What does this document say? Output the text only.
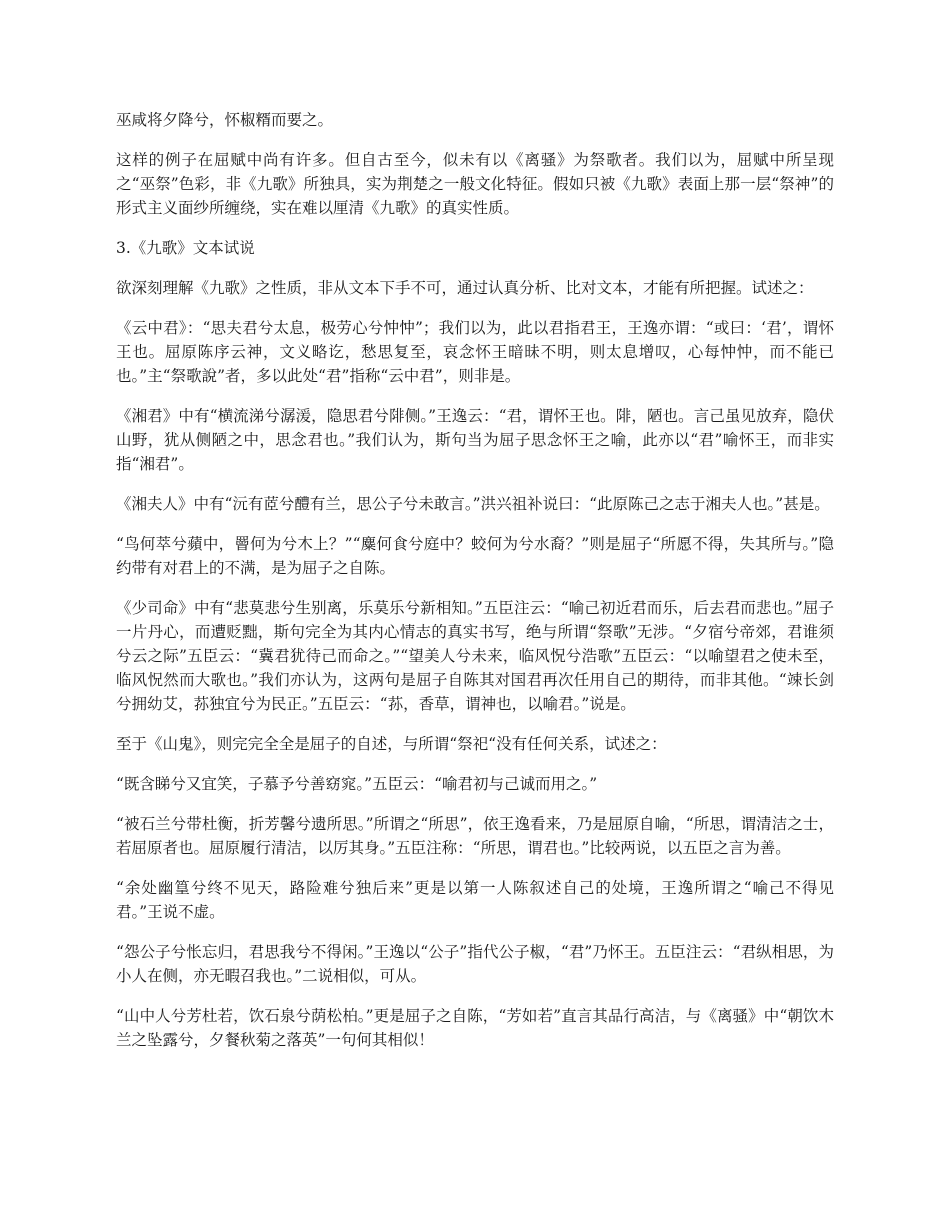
巫咸将夕降兮，怀椒糈而要之。

这样的例子在屈赋中尚有许多。但自古至今，似未有以《离骚》为祭歌者。我们以为，屈赋中所呈现之“巫祭”色彩，非《九歌》所独具，实为荆楚之一般文化特征。假如只被《九歌》表面上那一层“祭神”的形式主义面纱所缠绕，实在难以厘清《九歌》的真实性质。

3.《九歌》文本试说

欲深刻理解《九歌》之性质，非从文本下手不可，通过认真分析、比对文本，才能有所把握。试述之：

《云中君》：“思夫君兮太息，极劳心兮忡忡”；我们以为，此以君指君王，王逸亦谓：“或曰：‘君’，谓怀王也。屈原陈序云神，文义略讫，愁思复至，哀念怀王暗昧不明，则太息增叹，心每忡忡，而不能已也。”主“祭歌說”者，多以此处“君”指称“云中君”，则非是。

《湘君》中有“横流涕兮潺湲，隐思君兮陫侧。”王逸云：“君，谓怀王也。陫，陋也。言己虽见放弃，隐伏山野，犹从侧陋之中，思念君也。”我们认为，斯句当为屈子思念怀王之喻，此亦以“君”喻怀王，而非实指“湘君”。

《湘夫人》中有“沅有茝兮醴有兰，思公子兮未敢言。”洪兴祖补说曰：“此原陈己之志于湘夫人也。”甚是。

“鸟何萃兮蘋中，罾何为兮木上？”“麋何食兮庭中？蛟何为兮水裔？”则是屈子“所愿不得，失其所与。”隐约带有对君上的不满，是为屈子之自陈。

《少司命》中有“悲莫悲兮生别离，乐莫乐兮新相知。”五臣注云：“喻己初近君而乐，后去君而悲也。”屈子一片丹心，而遭贬黜，斯句完全为其内心情志的真实书写，绝与所谓“祭歌”无涉。“夕宿兮帝郊，君谁须兮云之际”五臣云：“冀君犹待己而命之。”“望美人兮未来，临风怳兮浩歌”五臣云：“以喻望君之使未至，临风怳然而大歌也。”我们亦认为，这两句是屈子自陈其对国君再次任用自己的期待，而非其他。“竦长剑兮拥幼艾，荪独宜兮为民正。”五臣云：“荪，香草，谓神也，以喻君。”说是。

至于《山鬼》，则完完全全是屈子的自述，与所谓“祭祀“没有任何关系，试述之：

“既含睇兮又宜笑，子慕予兮善窈窕。”五臣云：“喻君初与己诚而用之。”

“被石兰兮带杜衡，折芳馨兮遗所思。”所谓之“所思”，依王逸看来，乃是屈原自喻，“所思，谓清洁之士，若屈原者也。屈原履行清洁，以厉其身。”五臣注称：“所思，谓君也。”比较两说，以五臣之言为善。

“余处幽篁兮终不见天，路险难兮独后来”更是以第一人陈叙述自己的处境，王逸所谓之“喻己不得见君。”王说不虚。

“怨公子兮怅忘归，君思我兮不得闲。”王逸以“公子”指代公子椒，“君”乃怀王。五臣注云：“君纵相思，为小人在侧，亦无暇召我也。”二说相似，可从。

“山中人兮芳杜若，饮石泉兮荫松柏。”更是屈子之自陈，“芳如若”直言其品行高洁，与《离骚》中“朝饮木兰之坠露兮，夕餐秋菊之落英”一句何其相似！
